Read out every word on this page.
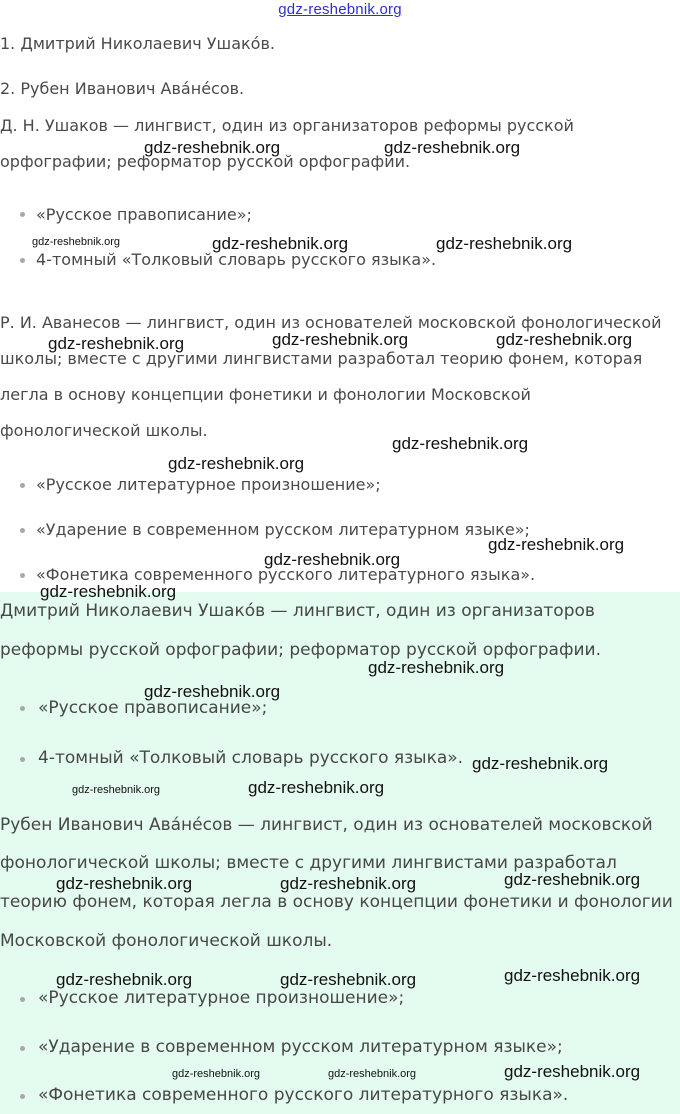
gdz-reshebnik.org
1. Дмитрий Николаевич Ушако́в.
2. Рубен Иванович Ава́не́сов.
Д. Н. Ушаков — лингвист, один из организаторов реформы русской
орфографии; реформатор русской орфографии.
«Русское правописание»;
4-томный «Толковый словарь русского языка».
Р. И. Аванесов — лингвист, один из основателей московской фонологической
школы; вместе с другими лингвистами разработал теорию фонем, которая
легла в основу концепции фонетики и фонологии Московской
фонологической школы.
«Русское литературное произношение»;
«Ударение в современном русском литературном языке»;
«Фонетика современного русского литературного языка».
Дмитрий Николаевич Ушако́в — лингвист, один из организаторов
реформы русской орфографии; реформатор русской орфографии.
«Русское правописание»;
4-томный «Толковый словарь русского языка».
Рубен Иванович Ава́не́сов — лингвист, один из основателей московской
фонологической школы; вместе с другими лингвистами разработал
теорию фонем, которая легла в основу концепции фонетики и фонологии
Московской фонологической школы.
«Русское литературное произношение»;
«Ударение в современном русском литературном языке»;
«Фонетика современного русского литературного языка».
gdz-reshebnik.org	gdz-reshebnik.org
gdz-reshebnik.org	gdz-reshebnik.org	gdz-reshebnik.org
gdz-reshebnik.org	gdz-reshebnik.org	gdz-reshebnik.org
gdz-reshebnik.org
gdz-reshebnik.org
gdz-reshebnik.org
gdz-reshebnik.org
gdz-reshebnik.org
gdz-reshebnik.org
gdz-reshebnik.org
gdz-reshebnik.org
gdz-reshebnik.org	gdz-reshebnik.org
gdz-reshebnik.org
gdz-reshebnik.org	gdz-reshebnik.org
gdz-reshebnik.org
gdz-reshebnik.org	gdz-reshebnik.org
gdz-reshebnik.org	gdz-reshebnik.org	gdz-reshebnik.org
